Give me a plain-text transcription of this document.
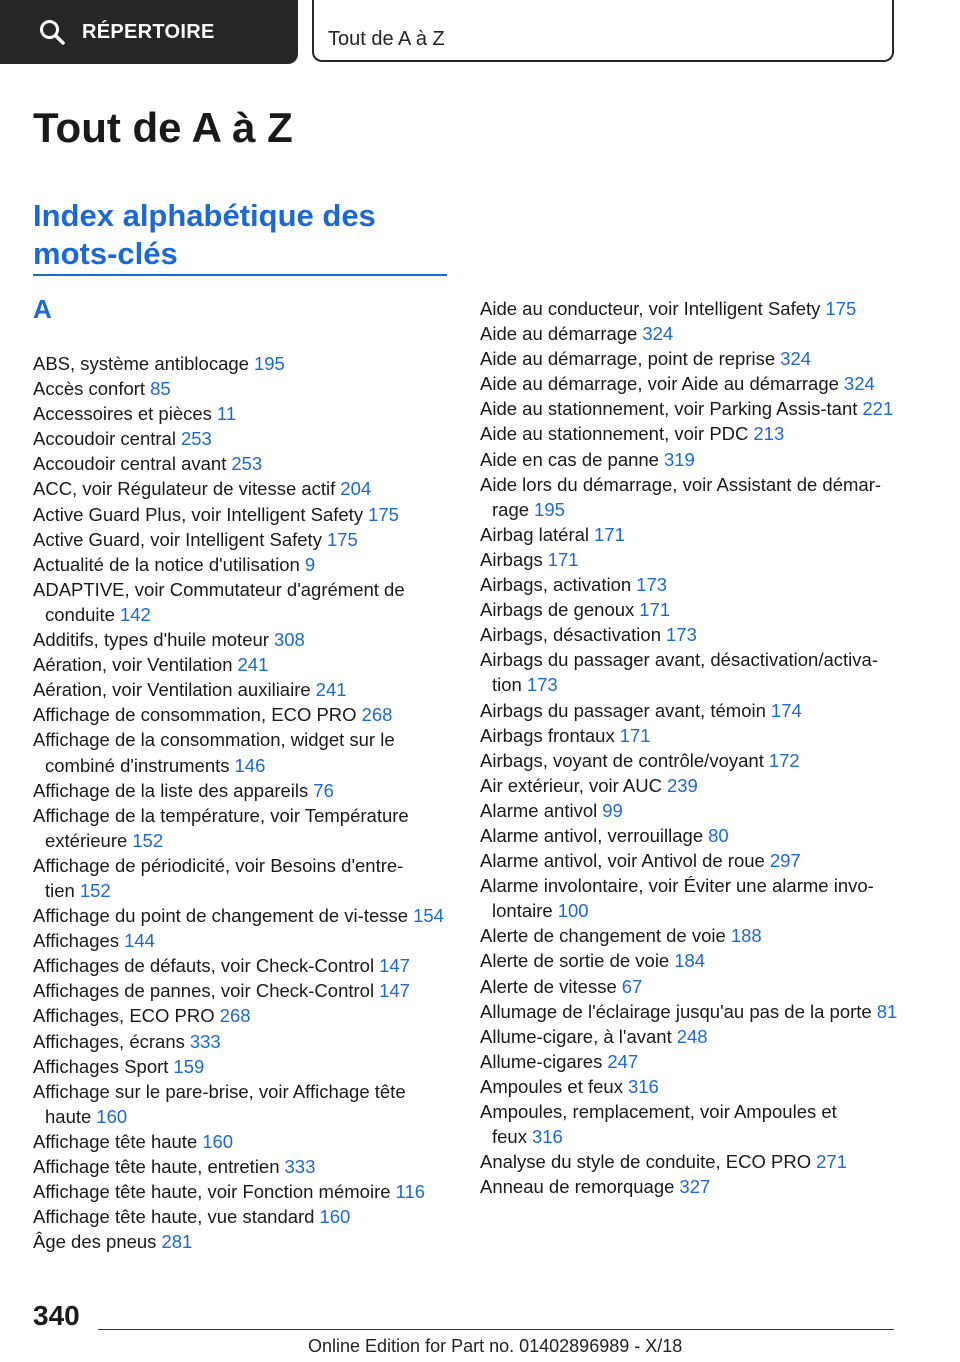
RÉPERTOIRE	Tout de A à Z
Tout de A à Z
Index alphabétique des mots-clés
A
ABS, système antiblocage 195
Accès confort 85
Accessoires et pièces 11
Accoudoir central 253
Accoudoir central avant 253
ACC, voir Régulateur de vitesse actif 204
Active Guard Plus, voir Intelligent Safety 175
Active Guard, voir Intelligent Safety 175
Actualité de la notice d'utilisation 9
ADAPTIVE, voir Commutateur d'agrément de conduite 142
Additifs, types d'huile moteur 308
Aération, voir Ventilation 241
Aération, voir Ventilation auxiliaire 241
Affichage de consommation, ECO PRO 268
Affichage de la consommation, widget sur le combiné d'instruments 146
Affichage de la liste des appareils 76
Affichage de la température, voir Température extérieure 152
Affichage de périodicité, voir Besoins d'entre-tien 152
Affichage du point de changement de vi-tesse 154
Affichages 144
Affichages de défauts, voir Check-Control 147
Affichages de pannes, voir Check-Control 147
Affichages, ECO PRO 268
Affichages, écrans 333
Affichages Sport 159
Affichage sur le pare-brise, voir Affichage tête haute 160
Affichage tête haute 160
Affichage tête haute, entretien 333
Affichage tête haute, voir Fonction mémoire 116
Affichage tête haute, vue standard 160
Âge des pneus 281
Aide au conducteur, voir Intelligent Safety 175
Aide au démarrage 324
Aide au démarrage, point de reprise 324
Aide au démarrage, voir Aide au démarrage 324
Aide au stationnement, voir Parking Assis-tant 221
Aide au stationnement, voir PDC 213
Aide en cas de panne 319
Aide lors du démarrage, voir Assistant de démar-rage 195
Airbag latéral 171
Airbags 171
Airbags, activation 173
Airbags de genoux 171
Airbags, désactivation 173
Airbags du passager avant, désactivation/activa-tion 173
Airbags du passager avant, témoin 174
Airbags frontaux 171
Airbags, voyant de contrôle/voyant 172
Air extérieur, voir AUC 239
Alarme antivol 99
Alarme antivol, verrouillage 80
Alarme antivol, voir Antivol de roue 297
Alarme involontaire, voir Éviter une alarme invo-lontaire 100
Alerte de changement de voie 188
Alerte de sortie de voie 184
Alerte de vitesse 67
Allumage de l'éclairage jusqu'au pas de la porte 81
Allume-cigare, à l'avant 248
Allume-cigares 247
Ampoules et feux 316
Ampoules, remplacement, voir Ampoules et feux 316
Analyse du style de conduite, ECO PRO 271
Anneau de remorquage 327
340
Online Edition for Part no. 01402896989 - X/18
